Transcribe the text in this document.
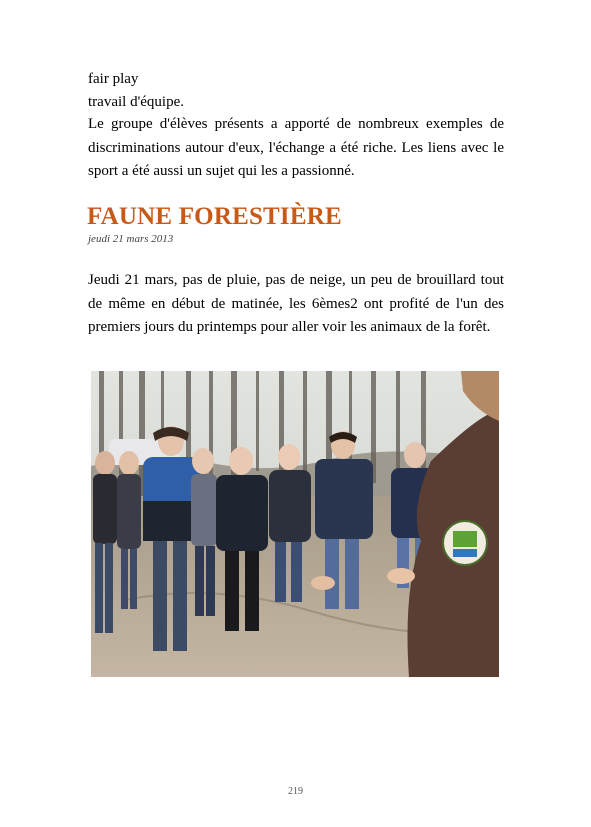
fair play

travail d'équipe.

Le groupe d'élèves présents a apporté de nombreux exemples de discriminations autour d'eux, l'échange a été riche. Les liens avec le sport a été aussi un sujet qui les a passionné.

FAUNE FORESTIÈRE
jeudi 21 mars 2013

Jeudi 21 mars, pas de pluie, pas de neige, un peu de brouillard tout de même en début de matinée, les 6èmes2 ont profité de l'un des premiers jours du printemps pour aller voir les animaux de la forêt.

219
